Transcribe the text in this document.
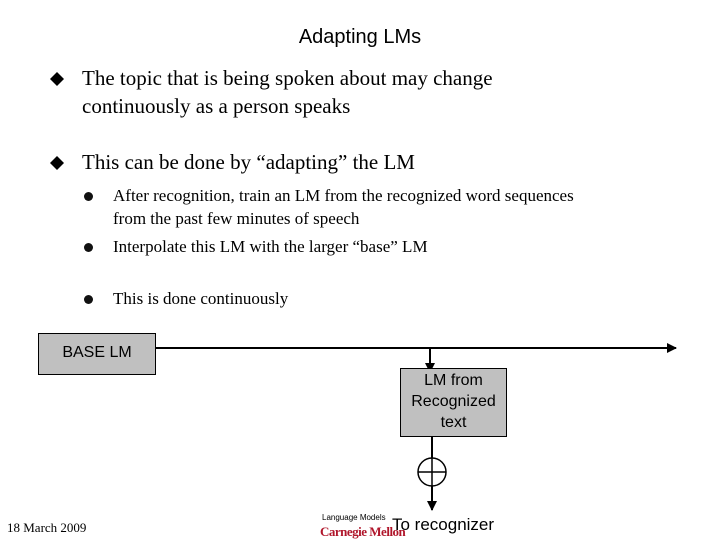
Adapting LMs
The topic that is being spoken about may change
continuously as a person speaks
This can be done by “adapting” the LM
After recognition, train an LM from the recognized word sequences
from the past few minutes of speech
Interpolate this LM with the larger “base” LM
This is done continuously
BASE LM
LM from
Recognized
text
18 March 2009
Language Models
Carnegie Mellon
To recognizer
